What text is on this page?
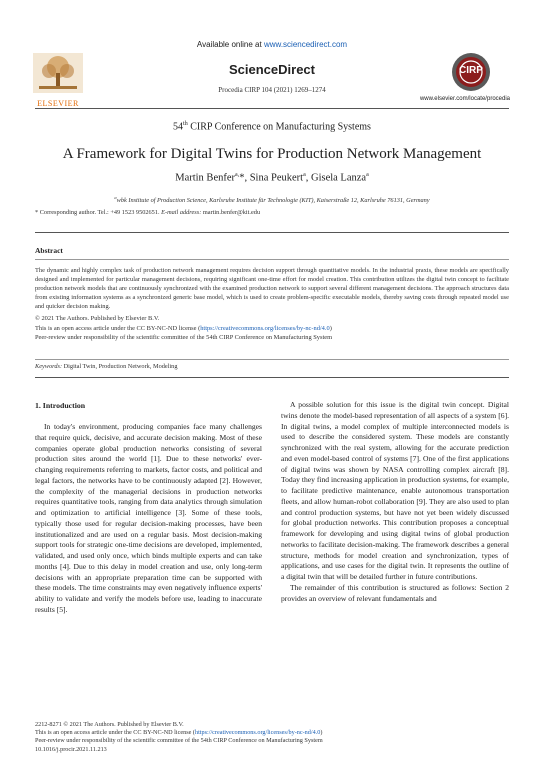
Available online at www.sciencedirect.com
ELSEVIER
ScienceDirect
Procedia CIRP 104 (2021) 1269–1274
CIRP
www.elsevier.com/locate/procedia
54th CIRP Conference on Manufacturing Systems
A Framework for Digital Twins for Production Network Management
Martin Benfer$^{a,}$*, Sina Peukert$^a$, Gisela Lanza$^a$
$^a$wbk Institute of Production Science, Karlsruhe Institute für Technologie (KIT), Kaiserstraße 12, Karlsruhe 76131, Germany
* Corresponding author. Tel.: +49 1523 9502651. E-mail address: martin.benfer@kit.edu
Abstract

The dynamic and highly complex task of production network management requires decision support through quantitative models. In the industrial praxis, these models are specifically designed and implemented for particular management decisions, requiring significant one-time effort for model creation. This contribution utilizes the digital twin concept to facilitate production network models that are continuously synchronized with the examined production network to support several different management decisions. The approach structures data from existing information systems as a synchronized generic base model, which is used to create problem-specific executable models, thereby saving costs through repeated model use and quicker decision making.

© 2021 The Authors. Published by Elsevier B.V.

This is an open access article under the CC BY-NC-ND license (https://creativecommons.org/licenses/by-nc-nd/4.0)

Peer-review under responsibility of the scientific committee of the 54th CIRP Conference on Manufacturing System

Keywords: Digital Twin, Production Network, Modeling
1. Introduction

In today's environment, producing companies face many challenges that require quick, decisive, and accurate decision making. Most of these companies operate global production networks consisting of several production sites around the world [1]. Due to these networks' ever-changing requirements referring to markets, factor costs, and political and legal factors, the networks have to be continuously adapted [2]. However, the complexity of the managerial decisions in production networks requires quantitative tools, ranging from data analytics through simulation and optimization to artificial intelligence [3]. Some of these tools, typically those used for regular decision-making processes, have been institutionalized and are used on a regular basis. Most decision-making support tools for strategic one-time decisions are developed, implemented, validated, and used only once, which binds multiple experts and can take months [4]. Due to this delay in model creation and use, only long-term decisions with an appropriate preparation time can be supported with these models. The time constraints may even negatively influence experts' ability to validate and verify the models before use, leading to inaccurate results [5].

A possible solution for this issue is the digital twin concept. Digital twins denote the model-based representation of all aspects of a system [6]. In digital twins, a model complex of multiple interconnected models is used to describe the considered system. These models are constantly synchronized with the real system, allowing for the accurate prediction and even model-based control of systems [7]. One of the first applications of digital twins was shown by NASA controlling complex aircraft [8]. Today they find increasing application in production systems, for example, to facilitate predictive maintenance, enable autonomous transportation fleets, and allow human-robot collaboration [9]. They are also used to plan and control production systems, but have not yet been widely discussed for global production networks. This contribution proposes a conceptual framework for developing and using digital twins of global production networks to facilitate decision-making. The framework describes a general structure, methods for model creation and synchronization, types of applications, and use cases for the digital twin. It represents the outline of a digital twin that will be detailed further in future contributions.

The remainder of this contribution is structured as follows: Section 2 provides an overview of relevant fundamentals and

2212-8271 © 2021 The Authors. Published by Elsevier B.V.

This is an open access article under the CC BY-NC-ND license (https://creativecommons.org/licenses/by-nc-nd/4.0)

Peer-review under responsibility of the scientific committee of the 54th CIRP Conference on Manufacturing System

10.1016/j.procir.2021.11.213
